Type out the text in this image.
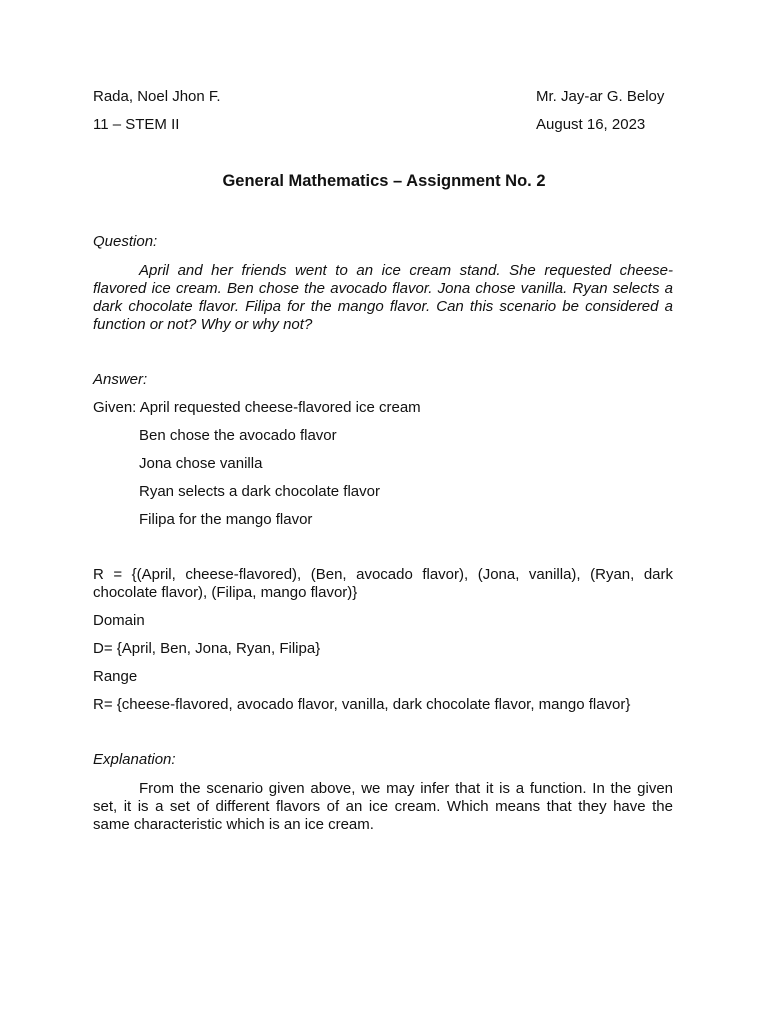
Rada, Noel Jhon F.	Mr. Jay-ar G. Beloy
11 – STEM II	August 16, 2023
General Mathematics – Assignment No. 2
Question:
April and her friends went to an ice cream stand. She requested cheese-flavored ice cream. Ben chose the avocado flavor. Jona chose vanilla. Ryan selects a dark chocolate flavor. Filipa for the mango flavor. Can this scenario be considered a function or not? Why or why not?
Answer:
Given: April requested cheese-flavored ice cream
Ben chose the avocado flavor
Jona chose vanilla
Ryan selects a dark chocolate flavor
Filipa for the mango flavor
R = {(April, cheese-flavored), (Ben, avocado flavor), (Jona, vanilla), (Ryan, dark chocolate flavor), (Filipa, mango flavor)}
Domain
D= {April, Ben, Jona, Ryan, Filipa}
Range
R= {cheese-flavored, avocado flavor, vanilla, dark chocolate flavor, mango flavor}
Explanation:
From the scenario given above, we may infer that it is a function. In the given set, it is a set of different flavors of an ice cream. Which means that they have the same characteristic which is an ice cream.
